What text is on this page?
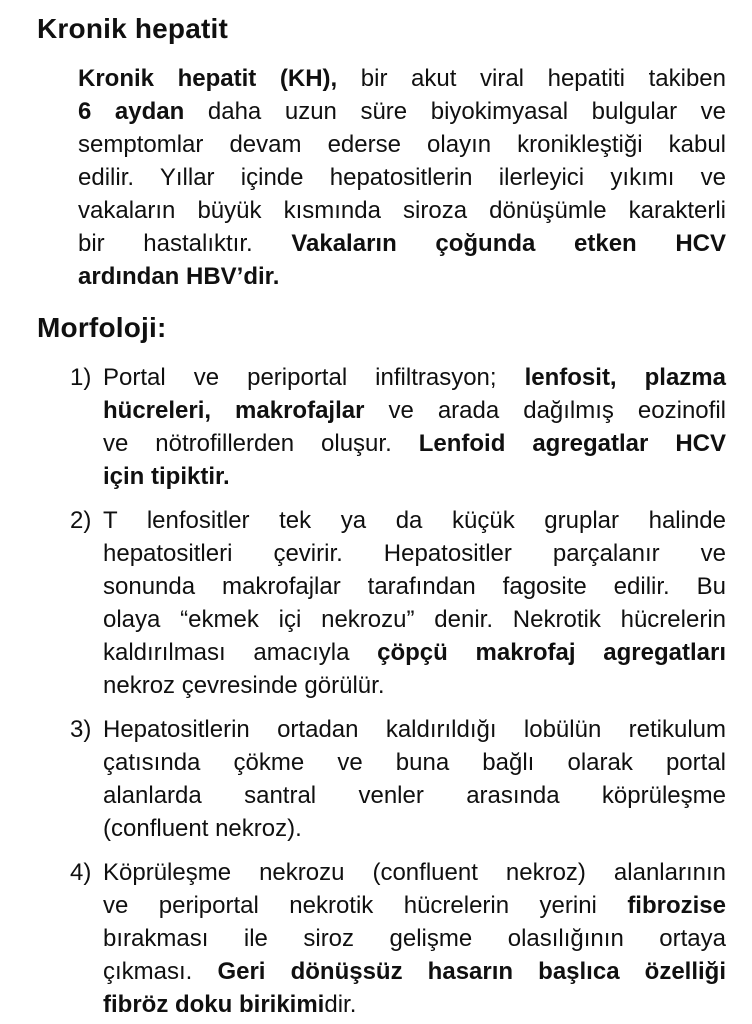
Kronik hepatit
Kronik hepatit (KH), bir akut viral hepatiti takiben
6 aydan daha uzun süre biyokimyasal bulgular ve
semptomlar devam ederse olayın kronikleştiği kabul
edilir. Yıllar içinde hepatositlerin ilerleyici yıkımı ve
vakaların büyük kısmında siroza dönüşümle karakterli
bir hastalıktır. Vakaların çoğunda etken HCV
ardından HBV’dir.
Morfoloji:
1) Portal ve periportal infiltrasyon; lenfosit, plazma
hücreleri, makrofajlar ve arada dağılmış eozinofil
ve nötrofillerden oluşur. Lenfoid agregatlar HCV
için tipiktir.
2) T lenfositler tek ya da küçük gruplar halinde
hepatositleri çevirir. Hepatositler parçalanır ve
sonunda makrofajlar tarafından fagosite edilir. Bu
olaya “ekmek içi nekrozu” denir. Nekrotik hücrelerin
kaldırılması amacıyla çöpçü makrofaj agregatları
nekroz çevresinde görülür.
3) Hepatositlerin ortadan kaldırıldığı lobülün retikulum
çatısında çökme ve buna bağlı olarak portal
alanlarda santral venler arasında köprüleşme
(confluent nekroz).
4) Köprüleşme nekrozu (confluent nekroz) alanlarının
ve periportal nekrotik hücrelerin yerini fibrozise
bırakması ile siroz gelişme olasılığının ortaya
çıkması. Geri dönüşsüz hasarın başlıca özelliği
fibröz doku birikimidir.
